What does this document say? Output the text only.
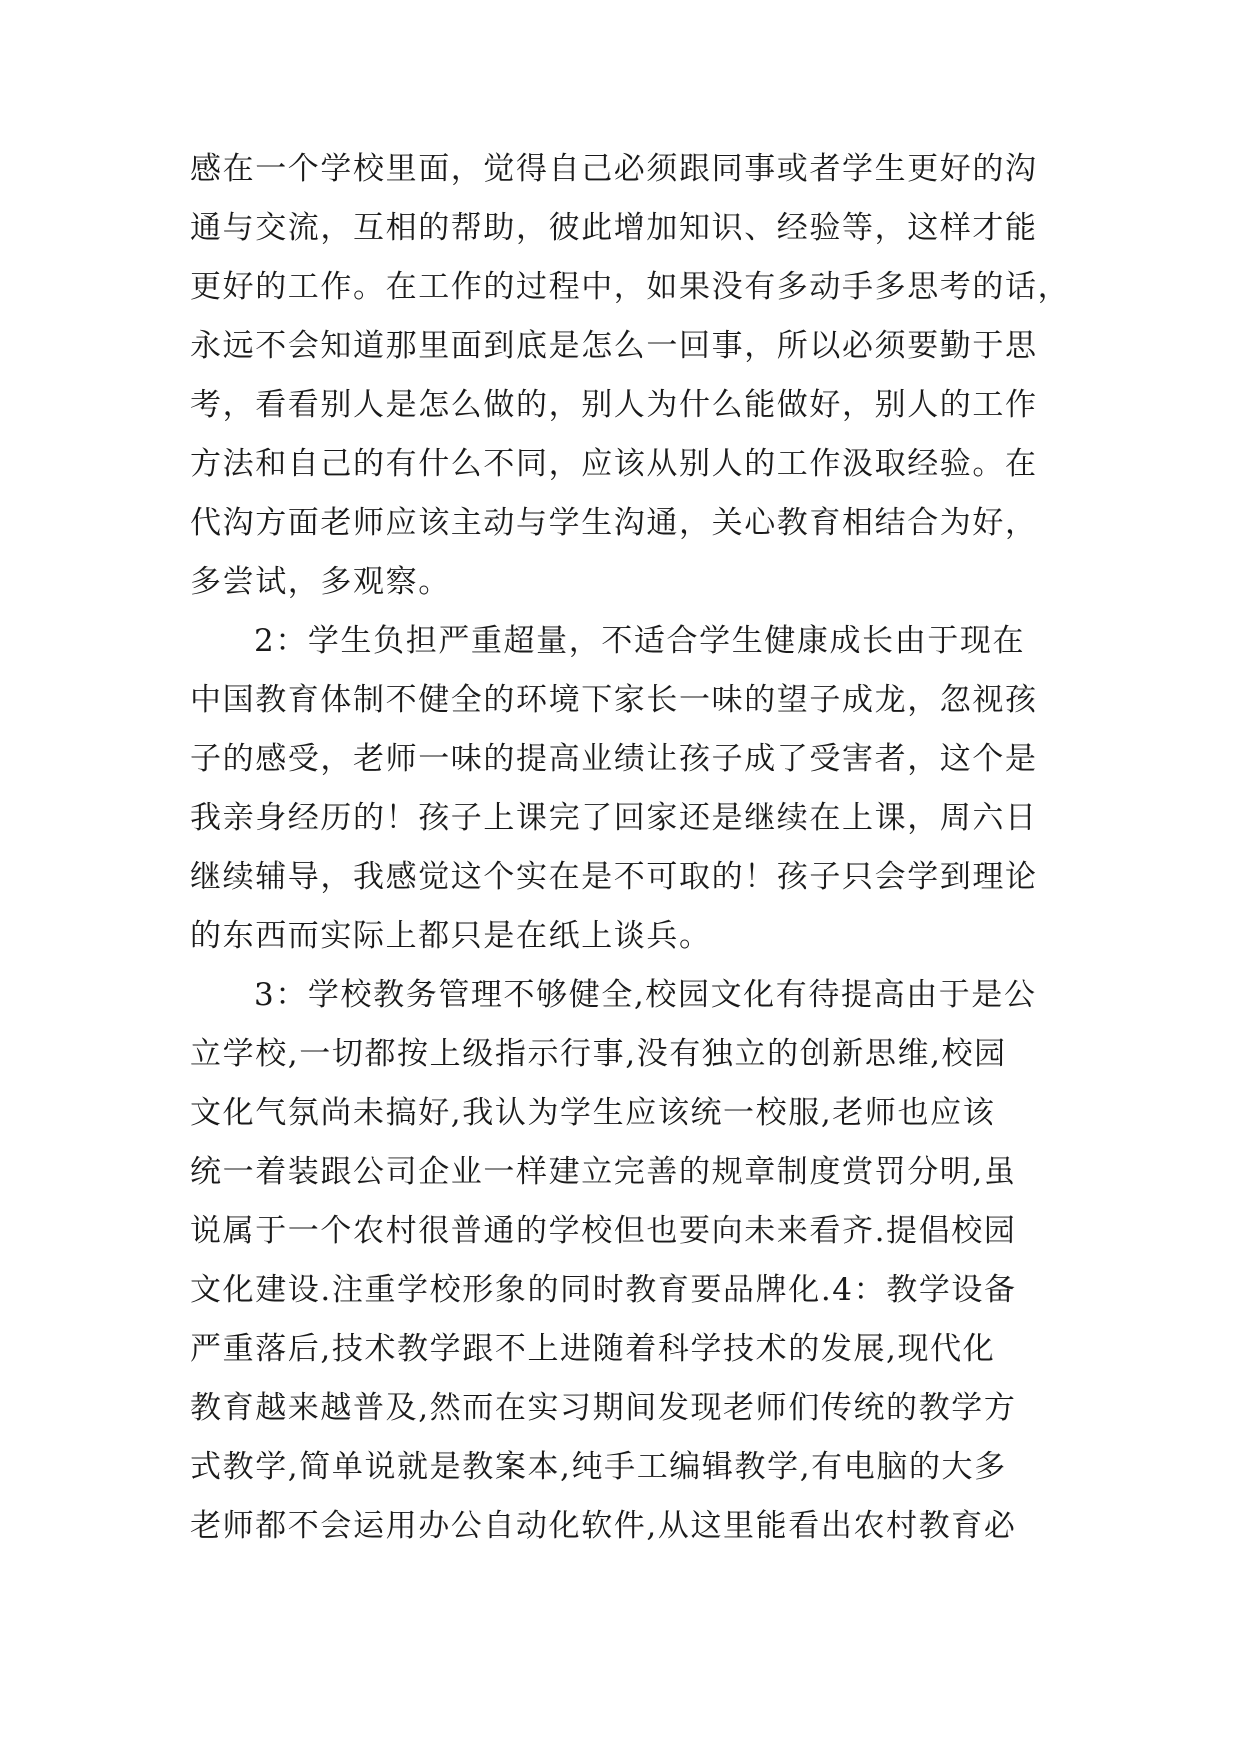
感在一个学校里面，觉得自己必须跟同事或者学生更好的沟
通与交流，互相的帮助，彼此增加知识、经验等，这样才能
更好的工作。在工作的过程中，如果没有多动手多思考的话，
永远不会知道那里面到底是怎么一回事，所以必须要勤于思
考，看看别人是怎么做的，别人为什么能做好，别人的工作
方法和自己的有什么不同，应该从别人的工作汲取经验。在
代沟方面老师应该主动与学生沟通，关心教育相结合为好，
多尝试，多观察。
2：学生负担严重超量，不适合学生健康成长由于现在
中国教育体制不健全的环境下家长一味的望子成龙，忽视孩
子的感受，老师一味的提高业绩让孩子成了受害者，这个是
我亲身经历的！孩子上课完了回家还是继续在上课，周六日
继续辅导，我感觉这个实在是不可取的！孩子只会学到理论
的东西而实际上都只是在纸上谈兵。
3：学校教务管理不够健全,校园文化有待提高由于是公
立学校,一切都按上级指示行事,没有独立的创新思维,校园
文化气氛尚未搞好,我认为学生应该统一校服,老师也应该
统一着装跟公司企业一样建立完善的规章制度赏罚分明,虽
说属于一个农村很普通的学校但也要向未来看齐.提倡校园
文化建设.注重学校形象的同时教育要品牌化.4：教学设备
严重落后,技术教学跟不上进随着科学技术的发展,现代化
教育越来越普及,然而在实习期间发现老师们传统的教学方
式教学,简单说就是教案本,纯手工编辑教学,有电脑的大多
老师都不会运用办公自动化软件,从这里能看出农村教育必
